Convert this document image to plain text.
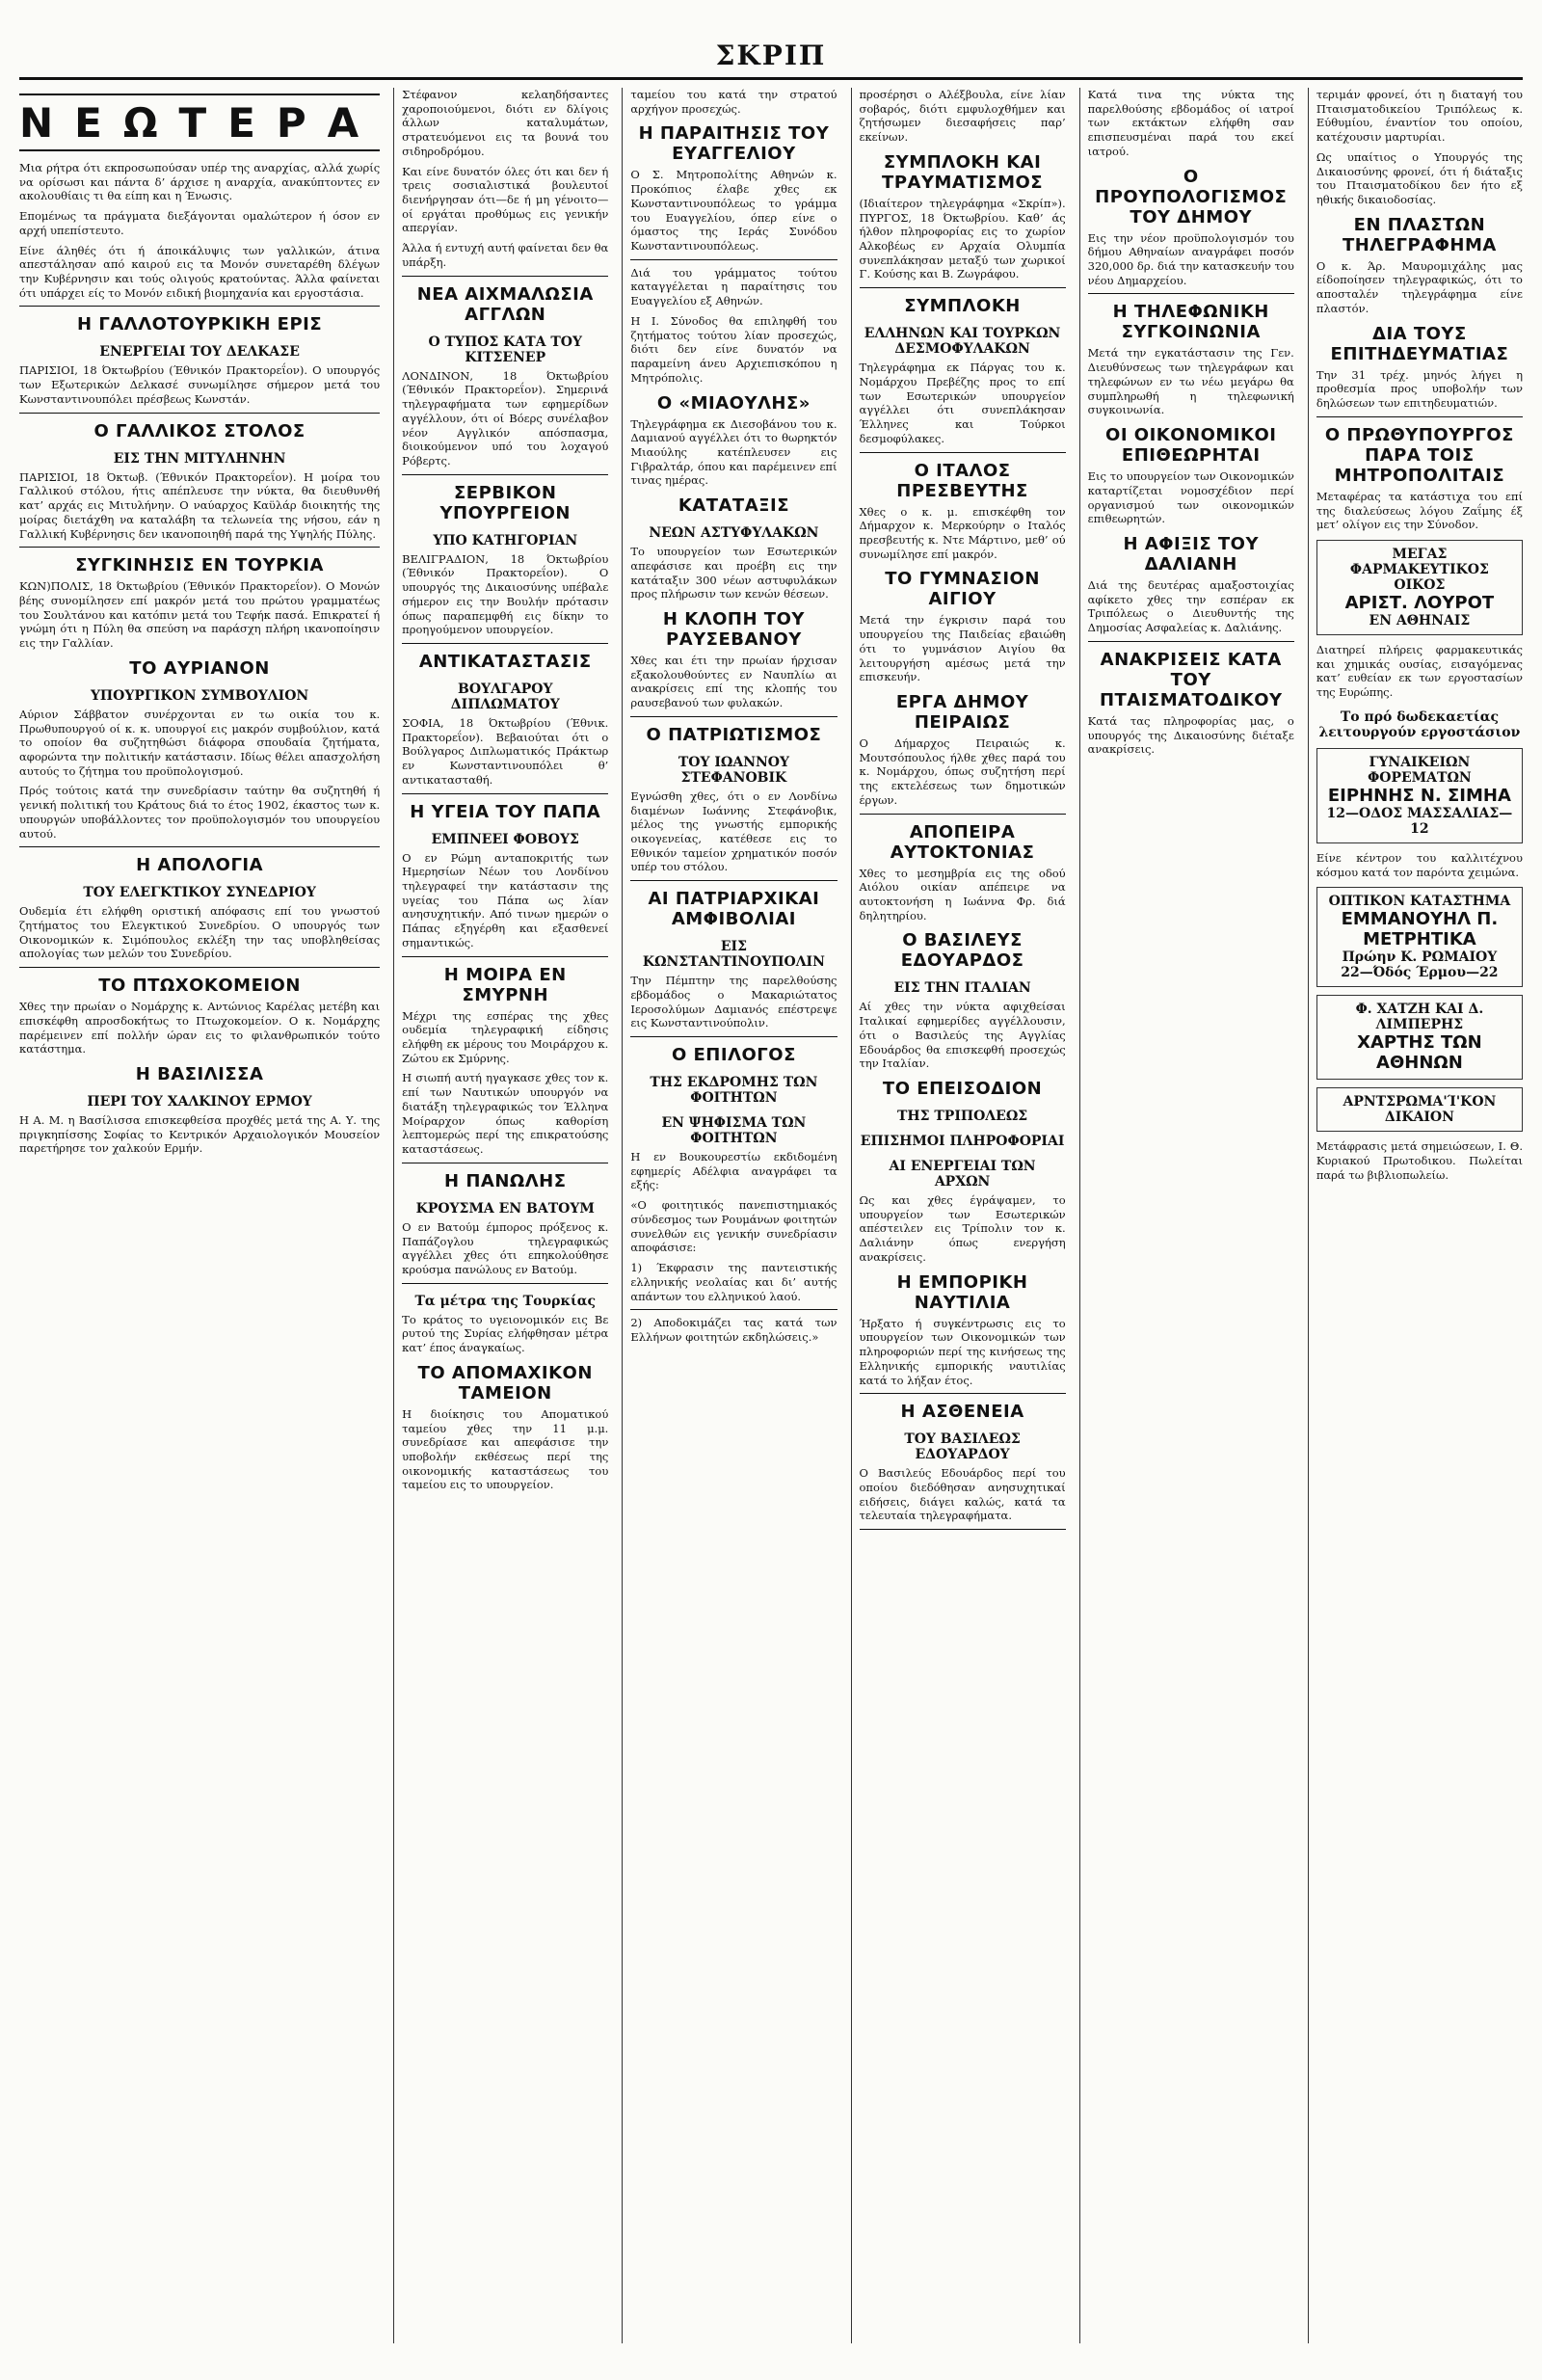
ΣΚΡΙΠ
ΝΕΩΤΕΡΑ

Μια ρήτρα ότι εκπροσωπούσαν υπέρ της αναρχίας, αλλά χωρίς να ορίσωσι και πάντα δ’ άρχισε η αναρχία, ανακύπτοντες εν ακολουθίαις τι θα είπη και η Ένωσις.

Επομένως τα πράγματα διεξάγονται ομαλώτερον ή όσον εν αρχή υπεπίστευτο.

Είνε άληθές ότι ή άποικάλυψις των γαλλικών, άτινα απεστάλησαν από καιρού εις τα Μονόν συνεταρέθη δλέγων την Κυβέρνησιν και τούς ολιγούς κρατούντας. Άλλα φαίνεται ότι υπάρχει είς το Μονόν ειδική βιομηχανία και εργοστάσια.

Η ΓΑΛΛΟΤΟΥΡΚΙΚΗ ΕΡΙΣ
ΕΝΕΡΓΕΙΑΙ ΤΟΥ ΔΕΛΚΑΣΕ

ΠΑΡΙΣΙΟΙ, 18 Όκτωβρίου (Έθνικόν Πρακτορεΐον). Ο υπουργός των Εξωτερικών Δελκασέ συνωμίλησε σήμερον μετά του Κωνσταντινουπόλει πρέσβεως Κωνστάν.

Ο ΓΑΛΛΙΚΟΣ ΣΤΟΛΟΣ
ΕΙΣ ΤΗΝ ΜΙΤΥΛΗΝΗΝ

ΠΑΡΙΣΙΟΙ, 18 Όκτωβ. (Έθνικόν Πρακτορεΐον). Η μοίρα του Γαλλικού στόλου, ήτις απέπλευσε την νύκτα, θα διευθυνθή κατ’ αρχάς εις Μιτυλήνην. Ο ναύαρχος Καϋλάρ διοικητής της μοίρας διετάχθη να καταλάβη τα τελωνεία της νήσου, εάν η Γαλλική Κυβέρνησις δεν ικανοποιηθή παρά της Υψηλής Πύλης.

ΣΥΓΚΙΝΗΣΙΣ ΕΝ ΤΟΥΡΚΙΑ

ΚΩΝ)ΠΟΛΙΣ, 18 Όκτωβρίου (Έθνικόν Πρακτορεΐον). Ο Μονών βέης συνομίλησεν επί μακρόν μετά του πρώτου γραμματέως του Σουλτάνου και κατόπιν μετά του Τεφήκ πασά. Επικρατεί ή γνώμη ότι η Πύλη θα σπεύση να παράσχη πλήρη ικανοποίησιν εις την Γαλλίαν.

ΤΟ ΑΥΡΙΑΝΟΝ
ΥΠΟΥΡΓΙΚΟΝ ΣΥΜΒΟΥΛΙΟΝ

Αύριον Σάββατον συνέρχονται εν τω οικία του κ. Πρωθυπουργού οί κ. κ. υπουργοί εις μακρόν συμβούλιον, κατά το οποίον θα συζητηθώσι διάφορα σπουδαία ζητήματα, αφορώντα την πολιτικήν κατάστασιν. Ιδίως θέλει απασχολήση αυτούς το ζήτημα του προϋπολογισμού.

Πρός τούτοις κατά την συνεδρίασιν ταύτην θα συζητηθή ή γενική πολιτική του Κράτους διά το έτος 1902, έκαστος των κ. υπουργών υποβάλλοντες τον προϋπολογισμόν του υπουργείου αυτού.

Η ΑΠΟΛΟΓΙΑ
ΤΟΥ ΕΛΕΓΚΤΙΚΟΥ ΣΥΝΕΔΡΙΟΥ

Ουδεμία έτι ελήφθη οριστική απόφασις επί του γνωστού ζητήματος του Ελεγκτικού Συνεδρίου. Ο υπουργός των Οικονομικών κ. Σιμόπουλος εκλέξη την τας υποβληθείσας απολογίας των μελών του Συνεδρίου.

ΤΟ ΠΤΩΧΟΚΟΜΕΙΟΝ

Χθες την πρωίαν ο Νομάρχης κ. Αντώνιος Καρέλας μετέβη και επισκέφθη απροσδοκήτως το Πτωχοκομείον. Ο κ. Νομάρχης παρέμεινεν επί πολλήν ώραν εις το φιλανθρωπικόν τούτο κατάστημα.

Η ΒΑΣΙΛΙΣΣΑ
ΠΕΡΙ ΤΟΥ ΧΑΛΚΙΝΟΥ ΕΡΜΟΥ

Η Α. Μ. η Βασίλισσα επισκεφθείσα προχθές μετά της Α. Υ. της πριγκηπίσσης Σοφίας το Κεντρικόν Αρχαιολογικόν Μουσείον παρετήρησε τον χαλκούν Ερμήν.

Στέφανον κελαηδήσαντες χαροποιούμενοι, διότι εν δλίγοις άλλων καταλυμάτων, στρατευόμενοι εις τα βουνά του σιδηροδρόμου.

Και είνε δυνατόν όλες ότι και δεν ή τρεις σοσιαλιστικά βουλευτοί διενήργησαν ότι—δε ή μη γένοιτο—οί εργάται προθύμως εις γενικήν απεργίαν.

Άλλα ή εντυχή αυτή φαίνεται δεν θα υπάρξη.

ΝΕΑ ΑΙΧΜΑΛΩΣΙΑ ΑΓΓΛΩΝ
Ο ΤΥΠΟΣ ΚΑΤΑ ΤΟΥ ΚΙΤΣΕΝΕΡ

ΛΟΝΔΙΝΟΝ, 18 Όκτωβρίου (Έθνικόν Πρακτορεΐον). Σημερινά τηλεγραφήματα των εφημερίδων αγγέλλουν, ότι οί Βόερς συνέλαβον νέον Αγγλικόν απόσπασμα, διοικούμενον υπό του λοχαγού Ρόβερτς.

ΣΕΡΒΙΚΟΝ ΥΠΟΥΡΓΕΙΟΝ
ΥΠΟ ΚΑΤΗΓΟΡΙΑΝ

ΒΕΛΙΓΡΑΔΙΟΝ, 18 Όκτωβρίου (Έθνικόν Πρακτορεΐον). Ο υπουργός της Δικαιοσύνης υπέβαλε σήμερον εις την Βουλήν πρότασιν όπως παραπεμφθή εις δίκην το προηγούμενον υπουργείον.

ΑΝΤΙΚΑΤΑΣΤΑΣΙΣ
ΒΟΥΛΓΑΡΟΥ ΔΙΠΛΩΜΑΤΟΥ

ΣΟΦΙΑ, 18 Όκτωβρίου (Έθνικ. Πρακτορεΐον). Βεβαιούται ότι ο Βούλγαρος Διπλωματικός Πράκτωρ εν Κωνσταντινουπόλει θ’ αντικατασταθή.

Η ΥΓΕΙΑ ΤΟΥ ΠΑΠΑ
ΕΜΠΝΕΕΙ ΦΟΒΟΥΣ

Ο εν Ρώμη ανταποκριτής των Ημερησίων Νέων του Λονδίνου τηλεγραφεί την κατάστασιν της υγείας του Πάπα ως λίαν ανησυχητικήν. Από τινων ημερών ο Πάπας εξηγέρθη και εξασθενεί σημαντικώς.

Η ΜΟΙΡΑ ΕΝ ΣΜΥΡΝΗ

Μέχρι της εσπέρας της χθες ουδεμία τηλεγραφική είδησις ελήφθη εκ μέρους του Μοιράρχου κ. Ζώτου εκ Σμύρνης.

Η σιωπή αυτή ηγαγκασε χθες τον κ. επί των Ναυτικών υπουργόν να διατάξη τηλεγραφικώς τον Έλληνα Μοίραρχον όπως καθορίση λεπτομερώς περί της επικρατούσης καταστάσεως.

Η ΠΑΝΩΛΗΣ
ΚΡΟΥΣΜΑ ΕΝ ΒΑΤΟΥΜ

Ο εν Βατούμ έμπορος πρόξενος κ. Παπάζογλου τηλεγραφικώς αγγέλλει χθες ότι επηκολούθησε κρούσμα πανώλους εν Βατούμ.

Τα μέτρα της Τουρκίας

Το κράτος το υγειονομικόν εις Βε ρυτού της Συρίας ελήφθησαν μέτρα κατ’ έπος άναγκαίως.

ΤΟ ΑΠΟΜΑΧΙΚΟΝ ΤΑΜΕΙΟΝ

Η διοίκησις του Αποματικού ταμείου χθες την 11 μ.μ. συνεδρίασε και απεφάσισε την υποβολήν εκθέσεως περί της οικονομικής καταστάσεως του ταμείου εις το υπουργείον.

ταμείου του κατά την στρατού αρχήγον προσεχώς.

Η ΠΑΡΑΙΤΗΣΙΣ ΤΟΥ ΕΥΑΓΓΕΛΙΟΥ

Ο Σ. Μητροπολίτης Αθηνών κ. Προκόπιος έλαβε χθες εκ Κωνσταντινουπόλεως το γράμμα του Ευαγγελίου, όπερ είνε ο όμαστος της Ιεράς Συνόδου Κωνσταντινουπόλεως.

Διά του γράμματος τούτου καταγγέλεται η παραίτησις του Ευαγγελίου εξ Αθηνών.

Η Ι. Σύνοδος θα επιληφθή του ζητήματος τούτου λίαν προσεχώς, διότι δεν είνε δυνατόν να παραμείνη άνευ Αρχιεπισκόπου η Μητρόπολις.

Ο «ΜΙΑΟΥΛΗΣ»

Τηλεγράφημα εκ Διεσοβάνου του κ. Δαμιανού αγγέλλει ότι το θωρηκτόν Μιαούλης κατέπλευσεν εις Γιβραλτάρ, όπου και παρέμεινεν επί τινας ημέρας.

ΚΑΤΑΤΑΞΙΣ
ΝΕΩΝ ΑΣΤΥΦΥΛΑΚΩΝ

Το υπουργείον των Εσωτερικών απεφάσισε και προέβη εις την κατάταξιν 300 νέων αστυφυλάκων προς πλήρωσιν των κενών θέσεων.

Η ΚΛΟΠΗ ΤΟΥ ΡΑΥΣΕΒΑΝΟΥ

Χθες και έτι την πρωίαν ήρχισαν εξακολουθούντες εν Ναυπλίω αι ανακρίσεις επί της κλοπής του ραυσεβανού των φυλακών.

Ο ΠΑΤΡΙΩΤΙΣΜΟΣ
ΤΟΥ ΙΩΑΝΝΟΥ ΣΤΕΦΑΝΟΒΙΚ

Εγνώσθη χθες, ότι ο εν Λονδίνω διαμένων Ιωάννης Στεφάνοβικ, μέλος της γνωστής εμπορικής οικογενείας, κατέθεσε εις το Εθνικόν ταμείον χρηματικόν ποσόν υπέρ του στόλου.

ΑΙ ΠΑΤΡΙΑΡΧΙΚΑΙ ΑΜΦΙΒΟΛΙΑΙ
ΕΙΣ ΚΩΝΣΤΑΝΤΙΝΟΥΠΟΛΙΝ

Την Πέμπτην της παρελθούσης εβδομάδος ο Μακαριώτατος Ιεροσολύμων Δαμιανός επέστρεψε εις Κωνσταντινούπολιν.

Ο ΕΠΙΛΟΓΟΣ
ΤΗΣ ΕΚΔΡΟΜΗΣ ΤΩΝ ΦΟΙΤΗΤΩΝ
ΕΝ ΨΗΦΙΣΜΑ ΤΩΝ ΦΟΙΤΗΤΩΝ

Η εν Βουκουρεστίω εκδιδομένη εφημερίς Αδέλφια αναγράφει τα εξής:

«Ο φοιτητικός πανεπιστημιακός σύνδεσμος των Ρουμάνων φοιτητών συνελθών εις γενικήν συνεδρίασιν αποφάσισε:

1) Έκφρασιν της παντειστικής ελληνικής νεολαίας και δι’ αυτής απάντων του ελληνικού λαού.

2) Αποδοκιμάζει τας κατά των Ελλήνων φοιτητών εκδηλώσεις.»

προσέρησι ο Αλέξβουλα, είνε λίαν σοβαρός, διότι εμφυλοχθήμεν και ζητήσωμεν διεσαφήσεις παρ’ εκείνων.

ΣΥΜΠΛΟΚΗ ΚΑΙ ΤΡΑΥΜΑΤΙΣΜΟΣ

(Ιδιαίτερον τηλεγράφημα «Σκρίπ»). ΠΥΡΓΟΣ, 18 Όκτωβρίου. Καθ’ άς ήλθον πληροφορίας εις το χωρίον Αλκοβέως εν Αρχαία Ολυμπία συνεπλάκησαν μεταξύ των χωρικοί Γ. Κούσης και Β. Ζωγράφου.

ΣΥΜΠΛΟΚΗ
ΕΛΛΗΝΩΝ ΚΑΙ ΤΟΥΡΚΩΝ ΔΕΣΜΟΦΥΛΑΚΩΝ

Τηλεγράφημα εκ Πάργας του κ. Νομάρχου Πρεβέζης προς το επί των Εσωτερικών υπουργείον αγγέλλει ότι συνεπλάκησαν Έλληνες και Τούρκοι δεσμοφύλακες.

Ο ΙΤΑΛΟΣ ΠΡΕΣΒΕΥΤΗΣ

Χθες ο κ. μ. επισκέφθη τον Δήμαρχον κ. Μερκούρην ο Ιταλός πρεσβευτής κ. Ντε Μάρτινο, μεθ’ ού συνωμίλησε επί μακρόν.

ΤΟ ΓΥΜΝΑΣΙΟΝ ΑΙΓΙΟΥ

Μετά την έγκρισιν παρά του υπουργείου της Παιδείας εβαιώθη ότι το γυμνάσιον Αιγίου θα λειτουργήση αμέσως μετά την επισκευήν.

ΕΡΓΑ ΔΗΜΟΥ ΠΕΙΡΑΙΩΣ

Ο Δήμαρχος Πειραιώς κ. Μουτσόπουλος ήλθε χθες παρά του κ. Νομάρχου, όπως συζητήση περί της εκτελέσεως των δημοτικών έργων.

ΑΠΟΠΕΙΡΑ ΑΥΤΟΚΤΟΝΙΑΣ

Χθες το μεσημβρία εις της οδού Αιόλου οικίαν απέπειρε να αυτοκτονήση η Ιωάννα Φρ. διά δηλητηρίου.

Ο ΒΑΣΙΛΕΥΣ ΕΔΟΥΑΡΔΟΣ
ΕΙΣ ΤΗΝ ΙΤΑΛΙΑΝ

Αί χθες την νύκτα αφιχθείσαι Ιταλικαί εφημερίδες αγγέλλουσιν, ότι ο Βασιλεύς της Αγγλίας Εδουάρδος θα επισκεφθή προσεχώς την Ιταλίαν.

ΤΟ ΕΠΕΙΣΟΔΙΟΝ
ΤΗΣ ΤΡΙΠΟΛΕΩΣ
ΕΠΙΣΗΜΟΙ ΠΛΗΡΟΦΟΡΙΑΙ
ΑΙ ΕΝΕΡΓΕΙΑΙ ΤΩΝ ΑΡΧΩΝ

Ως και χθες έγράψαμεν, το υπουργείον των Εσωτερικών απέστειλεν εις Τρίπολιν τον κ. Δαλιάνην όπως ενεργήση ανακρίσεις.

Η ΕΜΠΟΡΙΚΗ ΝΑΥΤΙΛΙΑ

Ήρξατο ή συγκέντρωσις εις το υπουργείον των Οικονομικών των πληροφοριών περί της κινήσεως της Ελληνικής εμπορικής ναυτιλίας κατά το λήξαν έτος.

Η ΑΣΘΕΝΕΙΑ
ΤΟΥ ΒΑΣΙΛΕΩΣ ΕΔΟΥΑΡΔΟΥ

Ο Βασιλεύς Εδουάρδος περί του οποίου διεδόθησαν ανησυχητικαί ειδήσεις, διάγει καλώς, κατά τα τελευταία τηλεγραφήματα.

Κατά τινα της νύκτα της παρελθούσης εβδομάδος οί ιατροί των εκτάκτων ελήφθη σαν επισπευσμέναι παρά του εκεί ιατρού.

Ο ΠΡΟΥΠΟΛΟΓΙΣΜΟΣ ΤΟΥ ΔΗΜΟΥ

Εις την νέον προϋπολογισμόν του δήμου Αθηναίων αναγράφει ποσόν 320,000 δρ. διά την κατασκευήν του νέου Δημαρχείου.

Η ΤΗΛΕΦΩΝΙΚΗ ΣΥΓΚΟΙΝΩΝΙΑ

Μετά την εγκατάστασιν της Γεν. Διευθύνσεως των τηλεγράφων και τηλεφώνων εν τω νέω μεγάρω θα συμπληρωθή η τηλεφωνική συγκοινωνία.

ΟΙ ΟΙΚΟΝΟΜΙΚΟΙ ΕΠΙΘΕΩΡΗΤΑΙ

Εις το υπουργείον των Οικονομικών καταρτίζεται νομοσχέδιον περί οργανισμού των οικονομικών επιθεωρητών.

Η ΑΦΙΞΙΣ ΤΟΥ ΔΑΛΙΑΝΗ

Διά της δευτέρας αμαξοστοιχίας αφίκετο χθες την εσπέραν εκ Τριπόλεως ο Διευθυντής της Δημοσίας Ασφαλείας κ. Δαλιάνης.

ΑΝΑΚΡΙΣΕΙΣ ΚΑΤΑ ΤΟΥ ΠΤΑΙΣΜΑΤΟΔΙΚΟΥ

Κατά τας πληροφορίας μας, ο υπουργός της Δικαιοσύνης διέταξε ανακρίσεις.

τεριμάν φρονεί, ότι η διαταγή του Πταισματοδικείου Τριπόλεως κ. Εύθυμίου, έναντίον του οποίου, κατέχουσιν μαρτυρίαι.

Ως υπαίτιος ο Υπουργός της Δικαιοσύνης φρονεί, ότι ή διάταξις του Πταισματοδίκου δεν ήτο εξ ηθικής δικαιοδοσίας.

ΕΝ ΠΛΑΣΤΩΝ ΤΗΛΕΓΡΑΦΗΜΑ

Ο κ. Άρ. Μαυρομιχάλης μας είδοποίησεν τηλεγραφικώς, ότι το αποσταλέν τηλεγράφημα είνε πλαστόν.

ΔΙΑ ΤΟΥΣ ΕΠΙΤΗΔΕΥΜΑΤΙΑΣ

Την 31 τρέχ. μηνός λήγει η προθεσμία προς υποβολήν των δηλώσεων των επιτηδευματιών.

Ο ΠΡΩΘΥΠΟΥΡΓΟΣ ΠΑΡΑ ΤΟΙΣ ΜΗΤΡΟΠΟΛΙΤΑΙΣ

Μεταφέρας τα κατάστιχα του επί της διαλεύσεως λόγου Ζαΐμης έξ μετ’ ολίγον εις την Σύνοδον.

ΜΕΓΑΣ ΦΑΡΜΑΚΕΥΤΙΚΟΣ ΟΙΚΟΣ
ΑΡΙΣΤ. ΛΟΥΡΟΤ
ΕΝ ΑΘΗΝΑΙΣ

Διατηρεί πλήρεις φαρμακευτικάς και χημικάς ουσίας, εισαγόμενας κατ’ ευθείαν εκ των εργοστασίων της Ευρώπης.

Το πρό δωδεκαετίας λειτουργούν εργοστάσιον
ΓΥΝΑΙΚΕΙΩΝ ΦΟΡΕΜΑΤΩΝ
ΕΙΡΗΝΗΣ Ν. ΣΙΜΗΑ
12—ΟΔΟΣ ΜΑΣΣΑΛΙΑΣ—12

Είνε κέντρον του καλλιτέχνου κόσμου κατά τον παρόντα χειμώνα.

ΟΠΤΙΚΟΝ ΚΑΤΑΣΤΗΜΑ
ΕΜΜΑΝΟΥΗΛ Π. ΜΕΤΡΗΤΙΚΑ
Πρώην Κ. ΡΩΜΑΙΟΥ
22—Όδός Έρμου—22
Φ. ΧΑΤΖΗ ΚΑΙ Δ. ΛΙΜΠΕΡΗΣ
ΧΑΡΤΗΣ ΤΩΝ ΑΘΗΝΩΝ
ΑΡΝΤΣΡΩΜΑ'Ί'ΚΟΝ ΔΙΚΑΙΟΝ

Μετάφρασις μετά σημειώσεων, Ι. Θ. Κυριακού Πρωτοδικου. Πωλείται παρά τω βιβλιοπωλείω.
